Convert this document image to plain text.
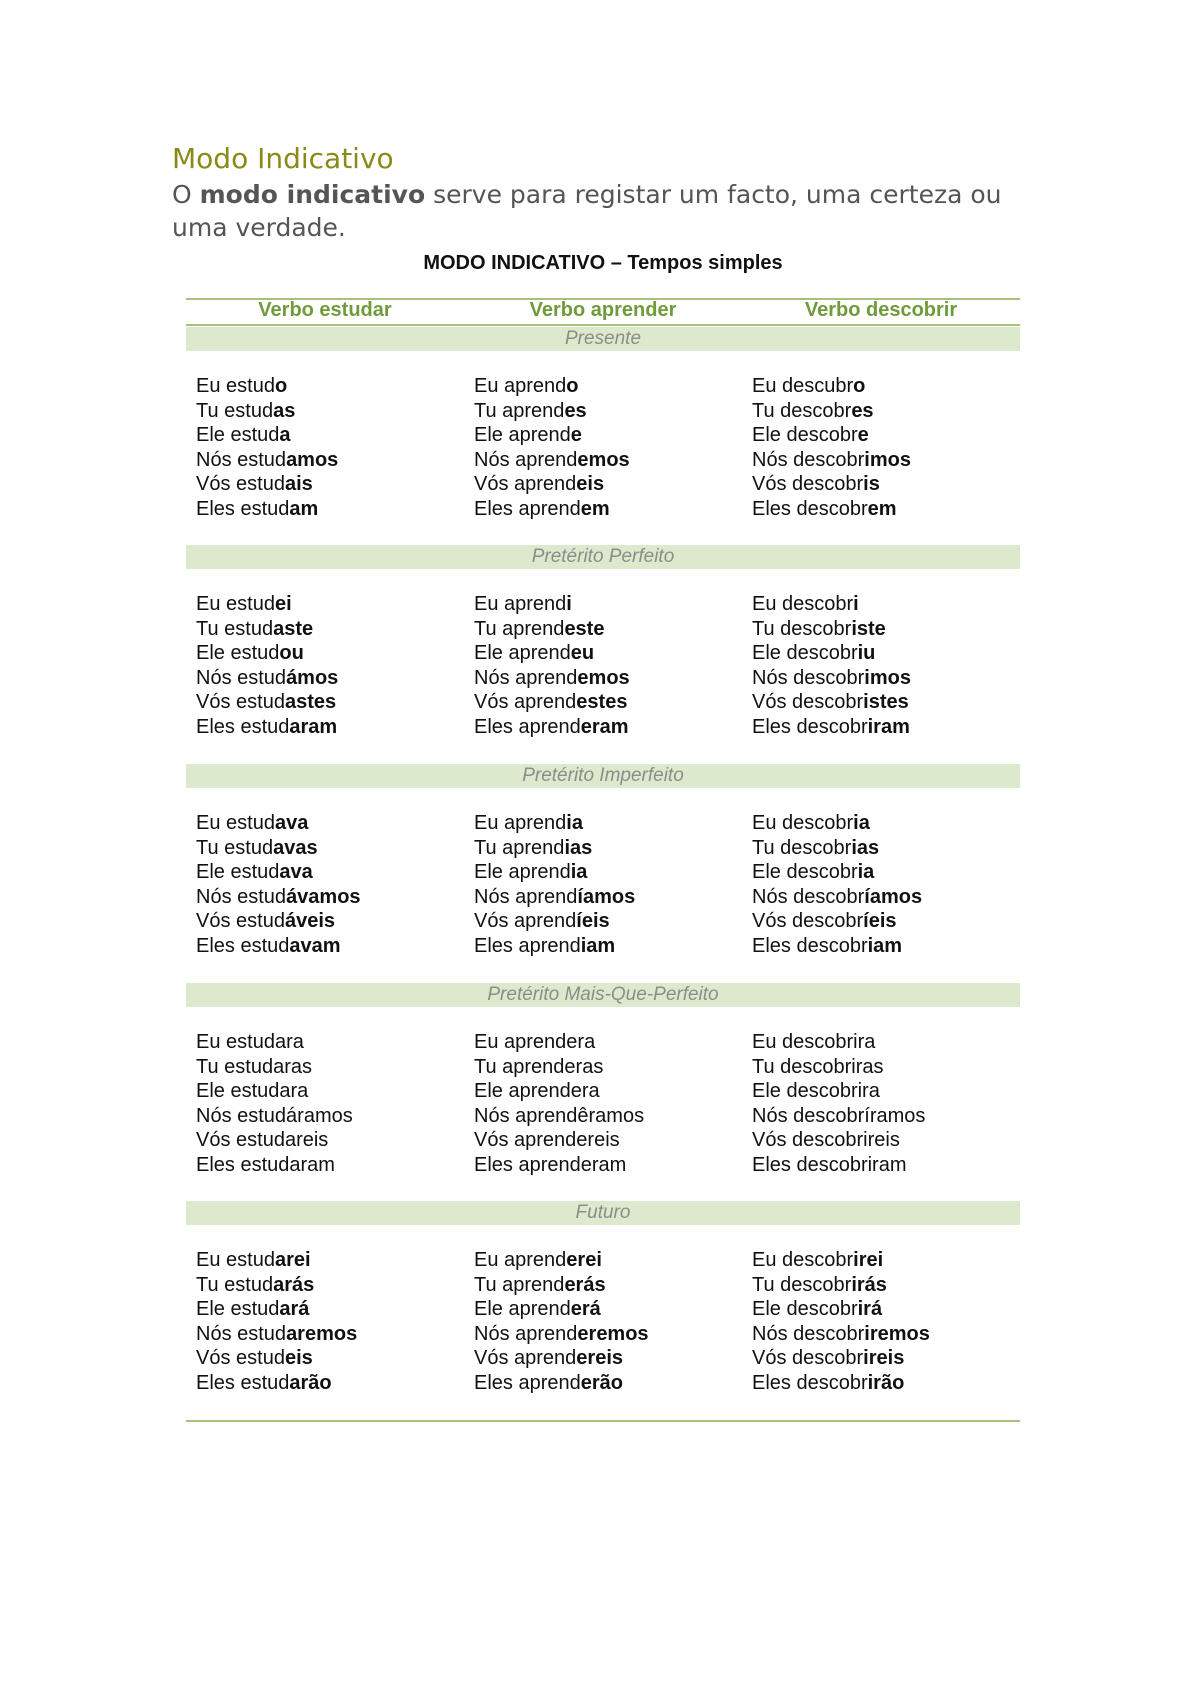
Modo Indicativo
O modo indicativo serve para registar um facto, uma certeza ou uma verdade.
MODO INDICATIVO – Tempos simples
Verbo estudar	Verbo aprender	Verbo descobrir
Presente
Eu estudo
Tu estudas
Ele estuda
Nós estudamos
Vós estudais
Eles estudam
Eu aprendo
Tu aprendes
Ele aprende
Nós aprendemos
Vós aprendeis
Eles aprendem
Eu descubro
Tu descobres
Ele descobre
Nós descobrimos
Vós descobris
Eles descobrem
Pretérito Perfeito
Eu estudei
Tu estudaste
Ele estudou
Nós estudámos
Vós estudastes
Eles estudaram
Eu aprendi
Tu aprendeste
Ele aprendeu
Nós aprendemos
Vós aprendestes
Eles aprenderam
Eu descobri
Tu descobriste
Ele descobriu
Nós descobrimos
Vós descobristes
Eles descobriram
Pretérito Imperfeito
Eu estudava
Tu estudavas
Ele estudava
Nós estudávamos
Vós estudáveis
Eles estudavam
Eu aprendia
Tu aprendias
Ele aprendia
Nós aprendíamos
Vós aprendíeis
Eles aprendiam
Eu descobria
Tu descobrias
Ele descobria
Nós descobríamos
Vós descobríeis
Eles descobriam
Pretérito Mais-Que-Perfeito
Eu estudara
Tu estudaras
Ele estudara
Nós estudáramos
Vós estudareis
Eles estudaram
Eu aprendera
Tu aprenderas
Ele aprendera
Nós aprendêramos
Vós aprendereis
Eles aprenderam
Eu descobrira
Tu descobriras
Ele descobrira
Nós descobríramos
Vós descobrireis
Eles descobriram
Futuro
Eu estudarei
Tu estudarás
Ele estudará
Nós estudaremos
Vós estudeis
Eles estudarão
Eu aprenderei
Tu aprenderás
Ele aprenderá
Nós aprenderemos
Vós aprendereis
Eles aprenderão
Eu descobrirei
Tu descobrirás
Ele descobrirá
Nós descobriremos
Vós descobrireis
Eles descobrirão
